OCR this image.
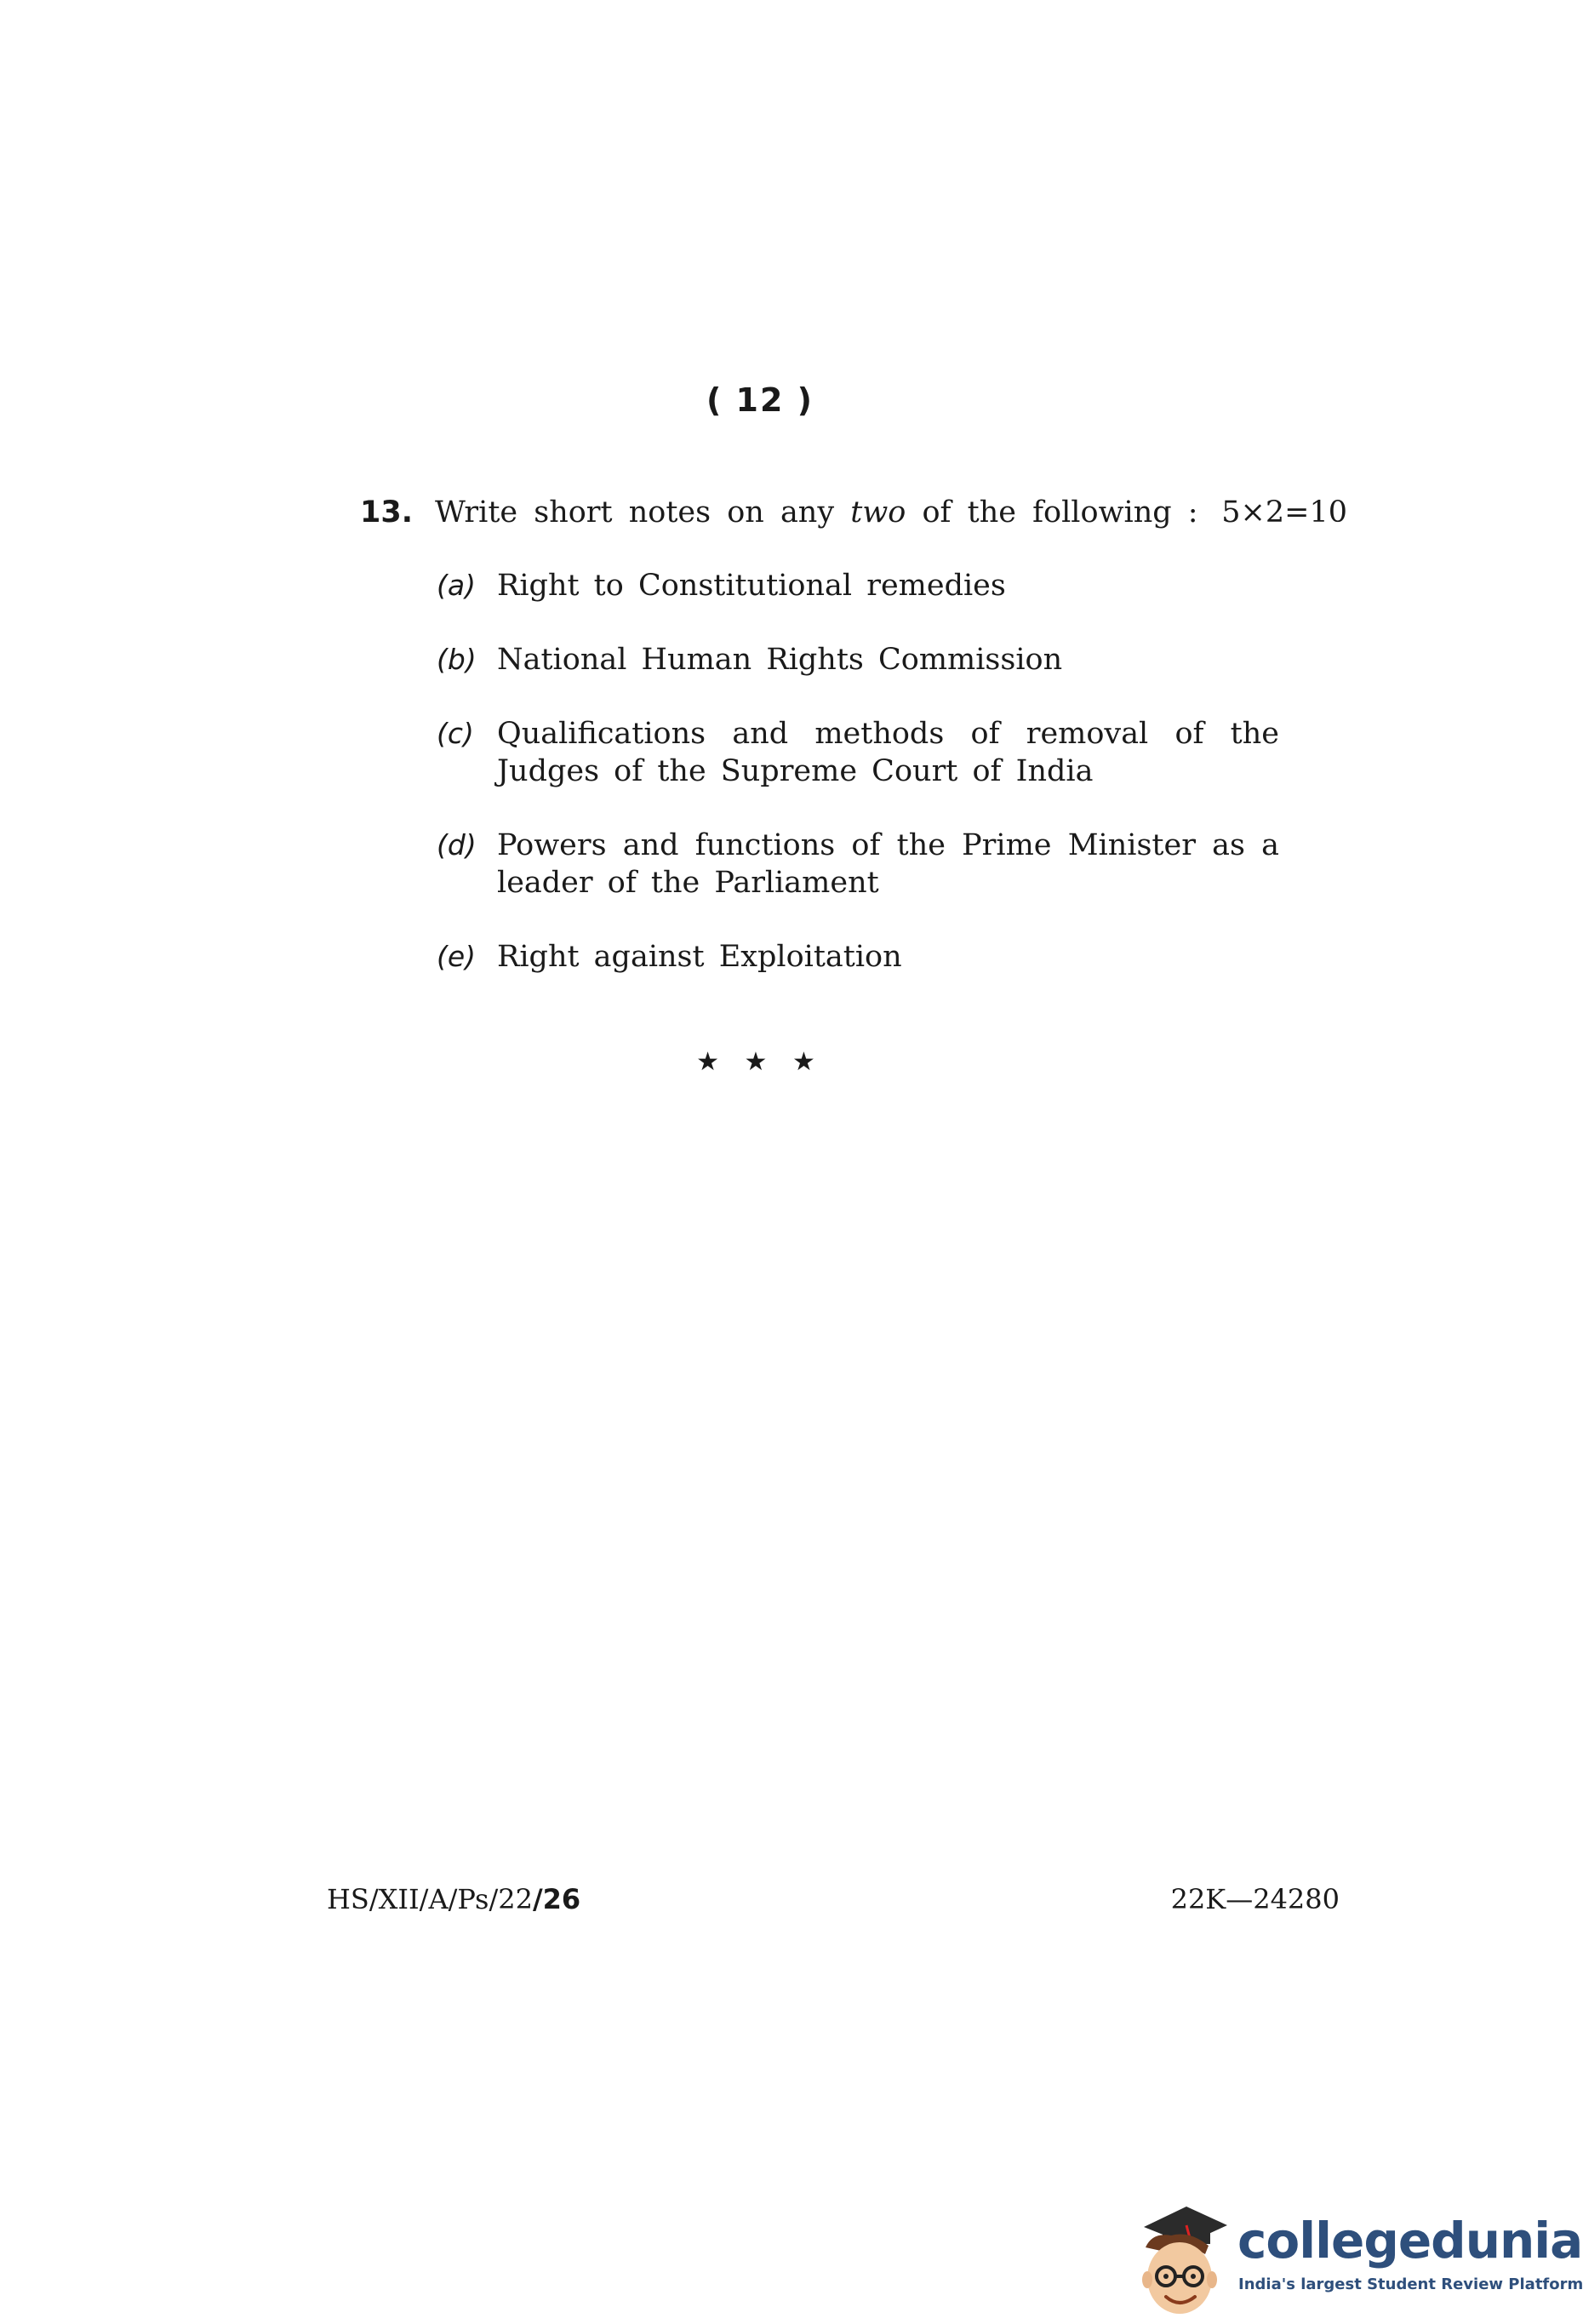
( 12 )
13. Write short notes on any two of the following : 5×2=10
(a) Right to Constitutional remedies
(b) National Human Rights Commission
(c) Qualifications and methods of removal of the Judges of the Supreme Court of India
(d) Powers and functions of the Prime Minister as a leader of the Parliament
(e) Right against Exploitation
★ ★ ★
HS/XII/A/Ps/22/26	22K—24280
collegedunia
India's largest Student Review Platform
